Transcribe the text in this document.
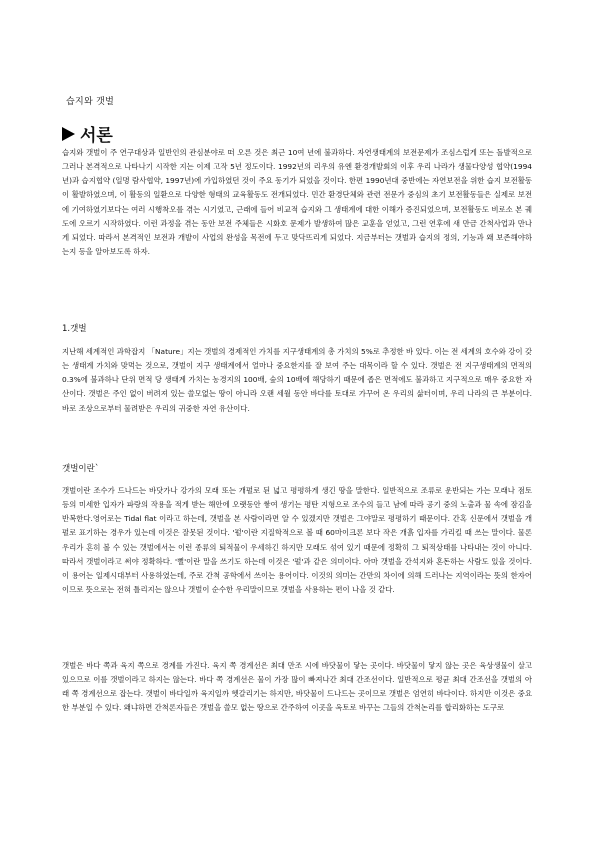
습지와 갯벌
서론

습지와 갯벌이 주 연구대상과 일반인의 관심분야로 떠 오른 것은 최근 10여 년에 불과하다. 자연생태계의 보전문제가 조심스럽게 또는 돌발적으로 그러나 본격적으로 나타나기 시작한 지는 이제 고작 5년 정도이다. 1992년의 리우의 유엔 환경개발회의 이후 우리 나라가 생물다양성 협약(1994년)과 습지협약 (일명 람사협약, 1997년)에 가입하였던 것이 주요 동기가 되었을 것이다. 한편 1990년대 중반에는 자연보전을 위한 습지 보전활동이 활발하였으며, 이 활동의 일환으로 다양한 형태의 교육활동도 전개되었다. 민간 환경단체와 관련 전문가 중심의 초기 보전활동들은 실제로 보전에 기여하였기보다는 여러 시행착오를 겪는 시기였고, 근래에 들어 비교적 습지와 그 생태계에 대한 이해가 증진되었으며, 보전활동도 비로소 본 궤도에 오르기 시작하였다. 이런 과정을 겪는 동안 보전 주체들은 시화호 문제가 발생하여 많은 교훈을 얻었고, 그런 연후에 새 만금 간척사업과 만나게 되었다. 따라서 본격적인 보전과 개발이 사업의 완성을 목전에 두고 맞닥뜨리게 되었다. 지금부터는 갯벌과 습지의 정의, 기능과 왜 보존해야하는지 등을 알아보도록 하자.

1.갯벌

지난해 세계적인 과학잡지 「Nature」지는 갯벌의 경제적인 가치를 지구생태계의 총 가치의 5%로 추정한 바 있다. 이는 전 세계의 호수와 강이 갖는 생태계 가치와 맞먹는 것으로, 갯벌이 지구 생태계에서 얼마나 중요한지를 잘 보여 주는 대목이라 할 수 있다. 갯벌은 전 지구생태계의 면적의 0.3%에 불과하나 단위 면적 당 생태계 가치는 농경지의 100배, 숲의 10배에 해당하기 때문에 좁은 면적에도 불과하고 지구적으로 매우 중요한 자산이다. 갯벌은 주인 없이 버려져 있는 쓸모없는 땅이 아니라 오랜 세월 동안 바다를 토대로 가꾸어 온 우리의 삶터이며, 우리 나라의 큰 부분이다. 바로 조상으로부터 물려받은 우리의 귀중한 자연 유산이다.

갯벌이란`

갯벌이란 조수가 드나드는 바닷가나 강가의 모래 또는 개펄로 된 넓고 평평하게 생긴 땅을 말한다. 일반적으로 조류로 운반되는 가는 모래나 점토 등의 미세한 입자가 파랑의 작용을 적게 받는 해안에 오랫동안 쌓여 생기는 평탄 지형으로 조수의 들고 남에 따라 공기 중의 노출과 물 속에 잠김을 반복한다.영어로는 Tidal flat 이라고 하는데, 갯벌을 본 사람이라면 알 수 있겠지만 갯벌은 그야말로 평평하기 때문이다. 간혹 신문에서 갯벌을 개펄로 표기하는 경우가 있는데 이것은 잘못된 것이다. '펄'이란 지질학적으로 볼 때 60마이크론 보다 작은 개흙 입자를 가리킬 때 쓰는 말이다. 물론 우리가 흔히 볼 수 있는 갯벌에서는 이런 종류의 퇴적물이 우세하긴 하지만 모래도 섞여 있기 때문에 정확히 그 퇴적상태를 나타내는 것이 아니다. 따라서 갯벌이라고 써야 정확하다. '뻘'이란 말을 쓰기도 하는데 이것은 '펄'과 같은 의미이다. 아마 갯벌을 간석지와 혼돈하는 사람도 있을 것이다. 이 용어는 일제시대부터 사용하였는데, 주로 간척 공학에서 쓰이는 용어이다. 이것의 의미는 간만의 차이에 의해 드러나는 지역이라는 뜻의 한자어이므로 뜻으로는 전혀 틀리지는 않으나 갯벌이 순수한 우리말이므로 갯벌을 사용하는 편이 나을 것 같다.

갯벌은 바다 쪽과 육지 쪽으로 경계를 가진다. 육지 쪽 경계선은 최대 만조 시에 바닷물이 닿는 곳이다. 바닷물이 닿지 않는 곳은 육상생물이 살고 있으므로 이를 갯벌이라고 하지는 않는다. 바다 쪽 경계선은 물이 가장 많이 빠져나간 최대 간조선이다. 일반적으로 평균 최대 간조선을 갯벌의 아래 쪽 경계선으로 잡는다. 갯벌이 바다일까 육지일까 헷갈리기는 하지만, 바닷물이 드나드는 곳이므로 갯벌은 엄연히 바다이다. 하지만 이것은 중요한 부분일 수 있다. 왜냐하면 간척론자들은 갯벌을 쓸모 없는 땅으로 간주하여 이곳을 옥토로 바꾸는 그들의 간척논리를 합리화하는 도구로
